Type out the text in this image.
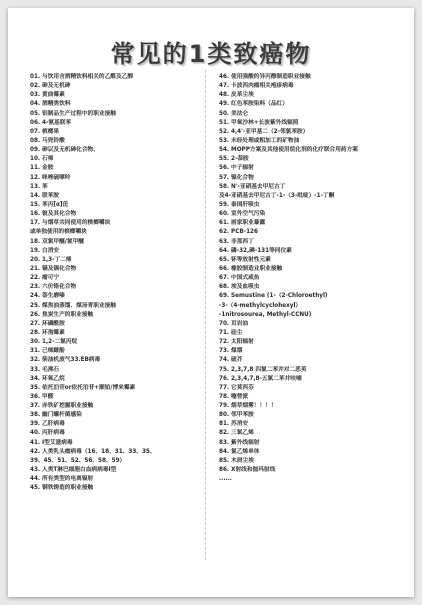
常见的1类致癌物
01. 与饮用含酒精饮料相关的乙醛及乙醇
02. 砷及无机砷
03. 黄曲霉素
04. 酒精类饮料
05. 铝制品生产过程中的职业接触
06. 4-氨基联苯
07. 槟榔果
08. 马兜铃酸
09. 砷以及无机砷化合物、
10. 石棉
11. 金胺
12. 咪唑硫嘌呤
13. 苯
14. 联苯胺
15. 苯丙[α]芘
16. 铍及其化合物
17. 与烟草共同使用的槟榔嚼块
或单独使用的槟榔嚼块
18. 双氯甲醚/氯甲醚
19. 白消安
20. 1,3-丁二烯
21. 镉及镉化合物
22. 瘤可宁
23. 六价铬化合物
24. 萘生磨嗪
25. 煤焦油蒸馏、煤汤青职业接触
26. 焦炭生产的职业接触
27. 环磷酰胺
28. 环孢霉素
30. 1,2-二氯丙烷
31. 己烯雌酚
32. 柴油机废气33.EB病毒
33. 毛沸石
34. 环氧乙烷
35. 依托泊苷or依托泊苷+顺铂/博来霉素
36. 甲醛
37. 赤铁矿挖掘职业接触
38. 幽门螺杆菌感染
39. 乙肝病毒
40. 丙肝病毒
41. I型艾滋病毒
42. 人类乳头瘤病毒（16、18、31、33、35、
39、45、51、52、56、58、59）
43. 人类T淋巴细胞白血病病毒I型
44. 所有类型的电离辐射
45. 钢铁铸造的职业接触
46. 使用强酸的异丙醇制造职业接触
47. 卡波西肉瘤相关疱疹病毒
48. 皮革尘埃
49. 红色苯胺染料（品红）
50. 美法仑
51. 甲氧沙林+长波紫外线辐照
52. 4,4'-亚甲基二（2-邻氯苯胺）
53. 未经处理或粗加工的矿物油
54. MOPP方案及其他使用烷化剂的化疗联合用药方案
55. 2-萘胺
56. 中子辐射
57. 镍化合物
58. N'-亚硝基去甲尼古丁
及4-亚硝基去甲尼古丁-1-（3-吡啶）-1-丁酮
59. 泰国肝吸虫
60. 室外空气污染
61. 画家职业暴露
62. PCB-126
63. 非那西丁
64. 磷-32,碘-131等同位素
65. 钚等放射性元素
66. 橡胶制造业职业接触
67. 中国式咸鱼
68. 埃及血吸虫
69. Semustine (1-（2-Chloroethyl)
-3-（4-methylcyclohexyl）
-1nitrosourea, Methyl-CCNU)
70. 页岩油
71. 硅尘
72. 太阳辐射
73. 煤烟
74. 硫芥
75. 2,3,7,8 四氯二苯并对二恶英
76. 2,3,4,7,8-五氯二苯并呋喃
77. 它莫西芬
78. 噻替派
79. 烟草烟雾！！！！
80. 邻甲苯胺
81. 苏消安
82. 三氯乙烯
83. 紫外线辐射
84. 氯乙烯单体
85. 木屑尘埃
86. X射线和伽玛射线
......
